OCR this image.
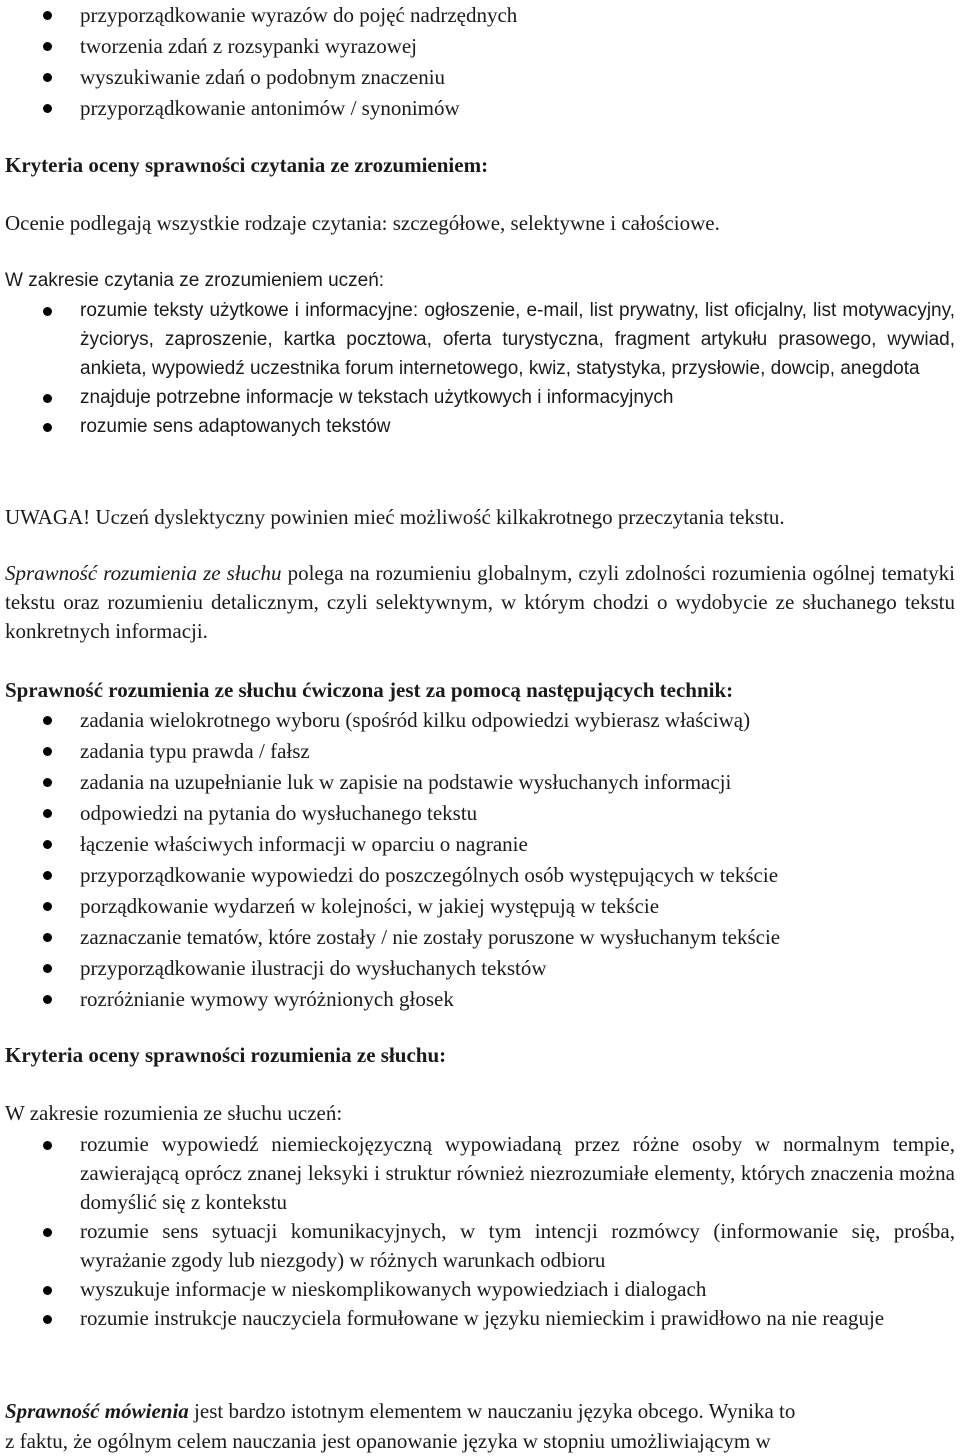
przyporządkowanie wyrazów do pojęć nadrzędnych
tworzenia zdań z rozsypanki wyrazowej
wyszukiwanie zdań o podobnym znaczeniu
przyporządkowanie antonimów / synonimów

Kryteria oceny sprawności czytania ze zrozumieniem:

Ocenie podlegają wszystkie rodzaje czytania: szczegółowe, selektywne i całościowe.

W zakresie czytania ze zrozumieniem uczeń:

rozumie teksty użytkowe i informacyjne: ogłoszenie, e-mail, list prywatny, list oficjalny, list motywacyjny, życiorys, zaproszenie, kartka pocztowa, oferta turystyczna, fragment artykułu prasowego, wywiad, ankieta, wypowiedź uczestnika forum internetowego, kwiz, statystyka, przysłowie, dowcip, anegdota
znajduje potrzebne informacje w tekstach użytkowych i informacyjnych
rozumie sens adaptowanych tekstów

UWAGA! Uczeń dyslektyczny powinien mieć możliwość kilkakrotnego przeczytania tekstu.

Sprawność rozumienia ze słuchu polega na rozumieniu globalnym, czyli zdolności rozumienia ogólnej tematyki tekstu oraz rozumieniu detalicznym, czyli selektywnym, w którym chodzi o wydobycie ze słuchanego tekstu konkretnych informacji.

Sprawność rozumienia ze słuchu ćwiczona jest za pomocą następujących technik:

zadania wielokrotnego wyboru (spośród kilku odpowiedzi wybierasz właściwą)
zadania typu prawda / fałsz
zadania na uzupełnianie luk w zapisie na podstawie wysłuchanych informacji
odpowiedzi na pytania do wysłuchanego tekstu
łączenie właściwych informacji w oparciu o nagranie
przyporządkowanie wypowiedzi do poszczególnych osób występujących w tekście
porządkowanie wydarzeń w kolejności, w jakiej występują w tekście
zaznaczanie tematów, które zostały / nie zostały poruszone w wysłuchanym tekście
przyporządkowanie ilustracji do wysłuchanych tekstów
rozróżnianie wymowy wyróżnionych głosek

Kryteria oceny sprawności rozumienia ze słuchu:

W zakresie rozumienia ze słuchu uczeń:

rozumie wypowiedź niemieckojęzyczną wypowiadaną przez różne osoby w normalnym tempie, zawierającą oprócz znanej leksyki i struktur również niezrozumiałe elementy, których znaczenia można domyślić się z kontekstu
rozumie sens sytuacji komunikacyjnych, w tym intencji rozmówcy (informowanie się, prośba, wyrażanie zgody lub niezgody) w różnych warunkach odbioru
wyszukuje informacje w nieskomplikowanych wypowiedziach i dialogach
rozumie instrukcje nauczyciela formułowane w języku niemieckim i prawidłowo na nie reaguje

Sprawność mówienia jest bardzo istotnym elementem w nauczaniu języka obcego. Wynika to
z faktu, że ogólnym celem nauczania jest opanowanie języka w stopniu umożliwiającym w
